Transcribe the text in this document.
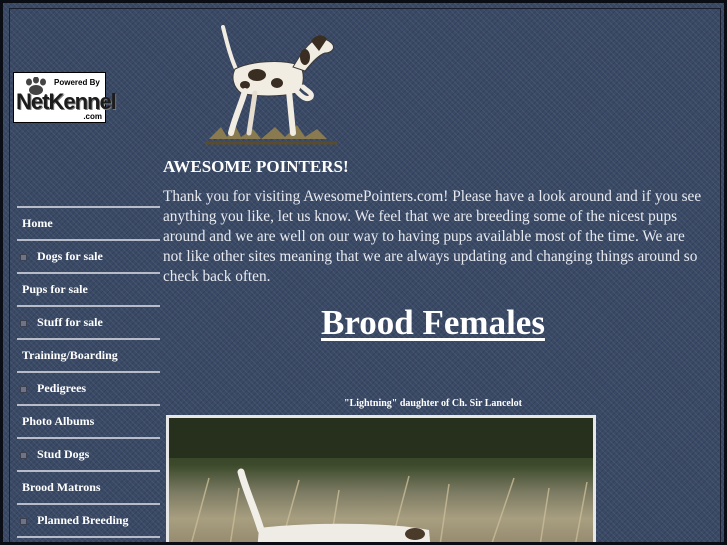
Powered By
NetKennel
.com
AWESOME POINTERS!

Thank you for visiting AwesomePointers.com! Please have a look around and if you see anything you like, let us know. We feel that we are breeding some of the nicest pups around and we are well on our way to having pups available most of the time. We are not like other sites meaning that we are always updating and changing things around so check back often.

Brood Females
"Lightning" daughter of Ch. Sir Lancelot
Home
Dogs for sale
Pups for sale
Stuff for sale
Training/Boarding
Pedigrees
Photo Albums
Stud Dogs
Brood Matrons
Planned Breeding
